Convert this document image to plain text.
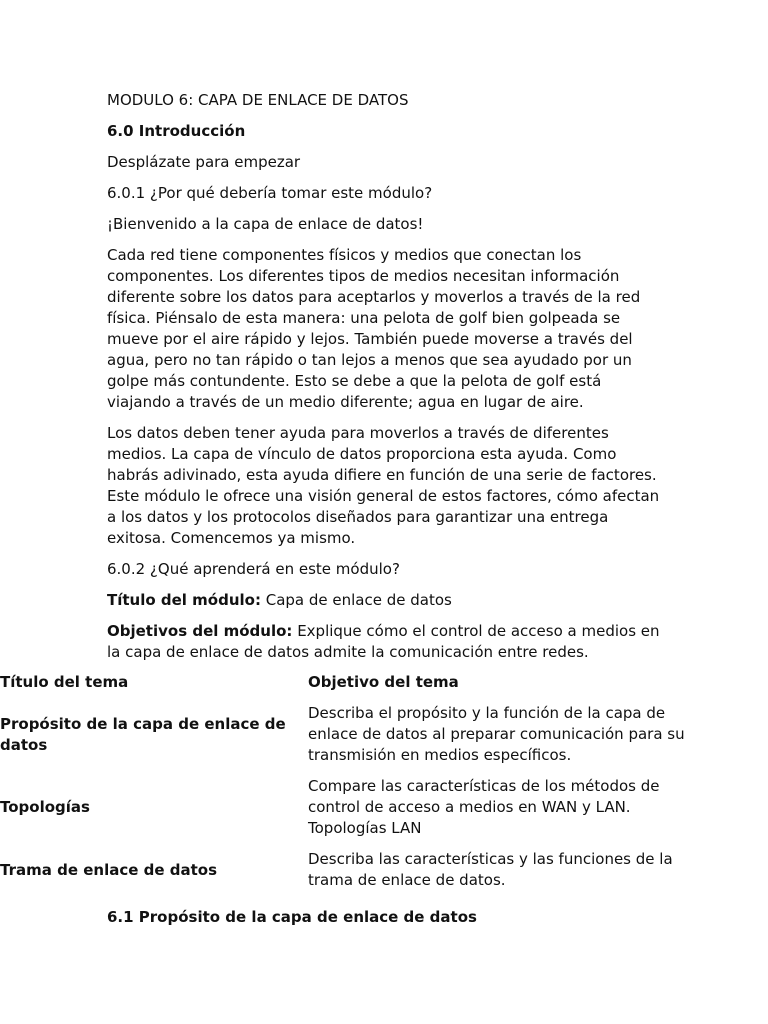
MODULO 6: CAPA DE ENLACE DE DATOS

6.0 Introducción

Desplázate para empezar

6.0.1 ¿Por qué debería tomar este módulo?

¡Bienvenido a la capa de enlace de datos!

Cada red tiene componentes físicos y medios que conectan los componentes. Los diferentes tipos de medios necesitan información diferente sobre los datos para aceptarlos y moverlos a través de la red física. Piénsalo de esta manera: una pelota de golf bien golpeada se mueve por el aire rápido y lejos. También puede moverse a través del agua, pero no tan rápido o tan lejos a menos que sea ayudado por un golpe más contundente. Esto se debe a que la pelota de golf está viajando a través de un medio diferente; agua en lugar de aire.

Los datos deben tener ayuda para moverlos a través de diferentes medios. La capa de vínculo de datos proporciona esta ayuda. Como habrás adivinado, esta ayuda difiere en función de una serie de factores. Este módulo le ofrece una visión general de estos factores, cómo afectan a los datos y los protocolos diseñados para garantizar una entrega exitosa. Comencemos ya mismo.

6.0.2 ¿Qué aprenderá en este módulo?

Título del módulo: Capa de enlace de datos

Objetivos del módulo: Explique cómo el control de acceso a medios en la capa de enlace de datos admite la comunicación entre redes.

Título del tema	Objetivo del tema
Propósito de la capa de enlace de datos	Describa el propósito y la función de la capa de enlace de datos al preparar comunicación para su transmisión en medios específicos.
Topologías	Compare las características de los métodos de control de acceso a medios en WAN y LAN. Topologías LAN
Trama de enlace de datos	Describa las características y las funciones de la trama de enlace de datos.

6.1 Propósito de la capa de enlace de datos
